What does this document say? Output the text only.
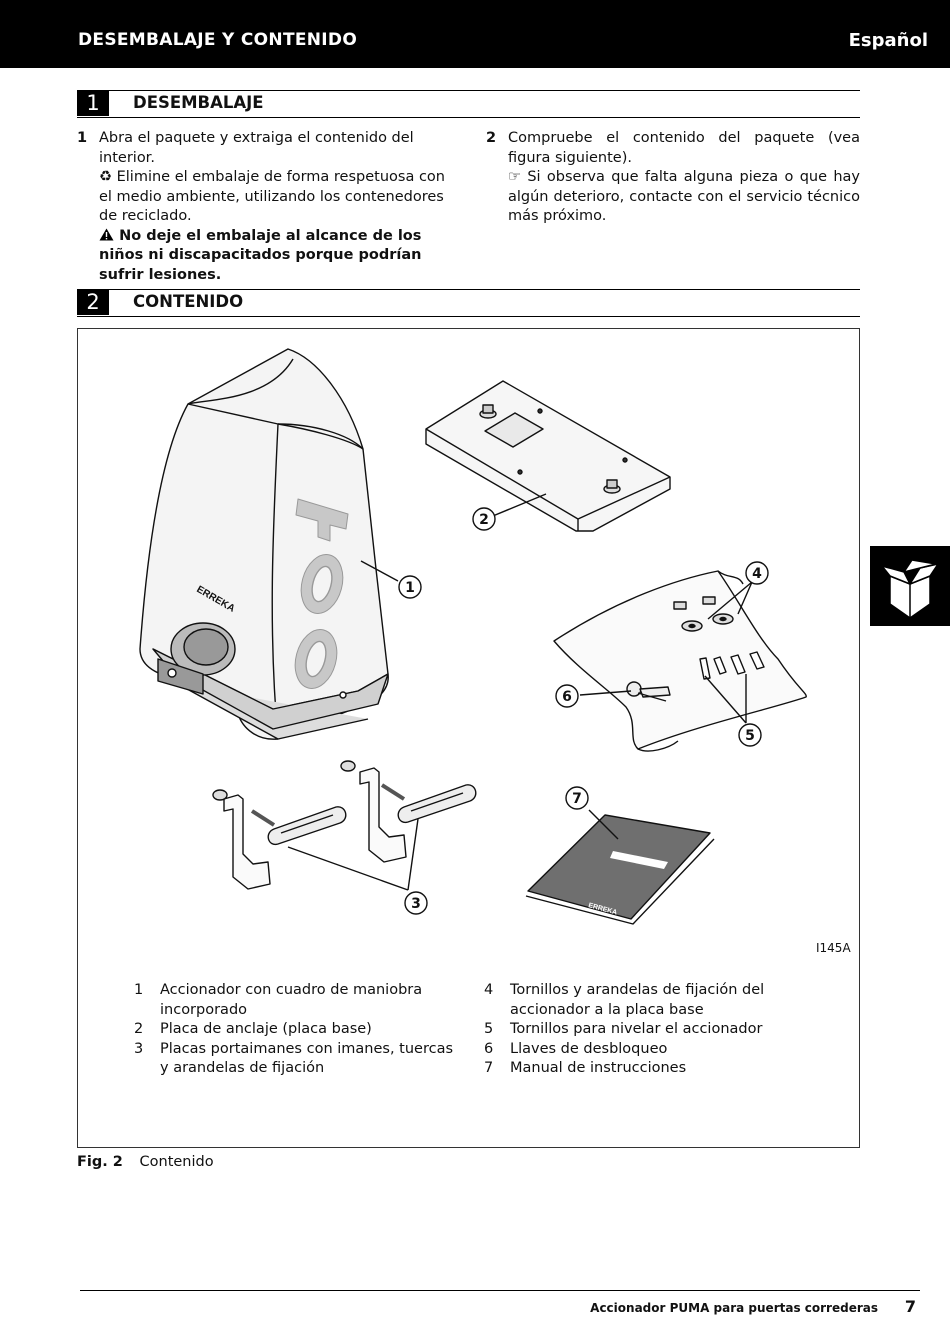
DESEMBALAJE Y CONTENIDO	Español
1	DESEMBALAJE
1 Abra el paquete y extraiga el contenido del interior.
♻ Elimine el embalaje de forma respetuosa con el medio ambiente, utilizando los contenedores de reciclado.
No deje el embalaje al alcance de los niños ni discapacitados porque podrían sufrir lesiones.
2 Compruebe el contenido del paquete (vea figura siguiente).
☞ Si observa que falta alguna pieza o que hay algún deterioro, contacte con el servicio técnico más próximo.
2	CONTENIDO
ERREKA
ERREKA
1
2
3
4
5
6
7
I145A
1 Accionador con cuadro de maniobra incorporado
2 Placa de anclaje (placa base)
3 Placas portaimanes con imanes, tuercas y arandelas de fijación
4 Tornillos y arandelas de fijación del accionador a la placa base
5 Tornillos para nivelar el accionador
6 Llaves de desbloqueo
7 Manual de instrucciones
Fig. 2 Contenido
Accionador PUMA para puertas correderas 7
